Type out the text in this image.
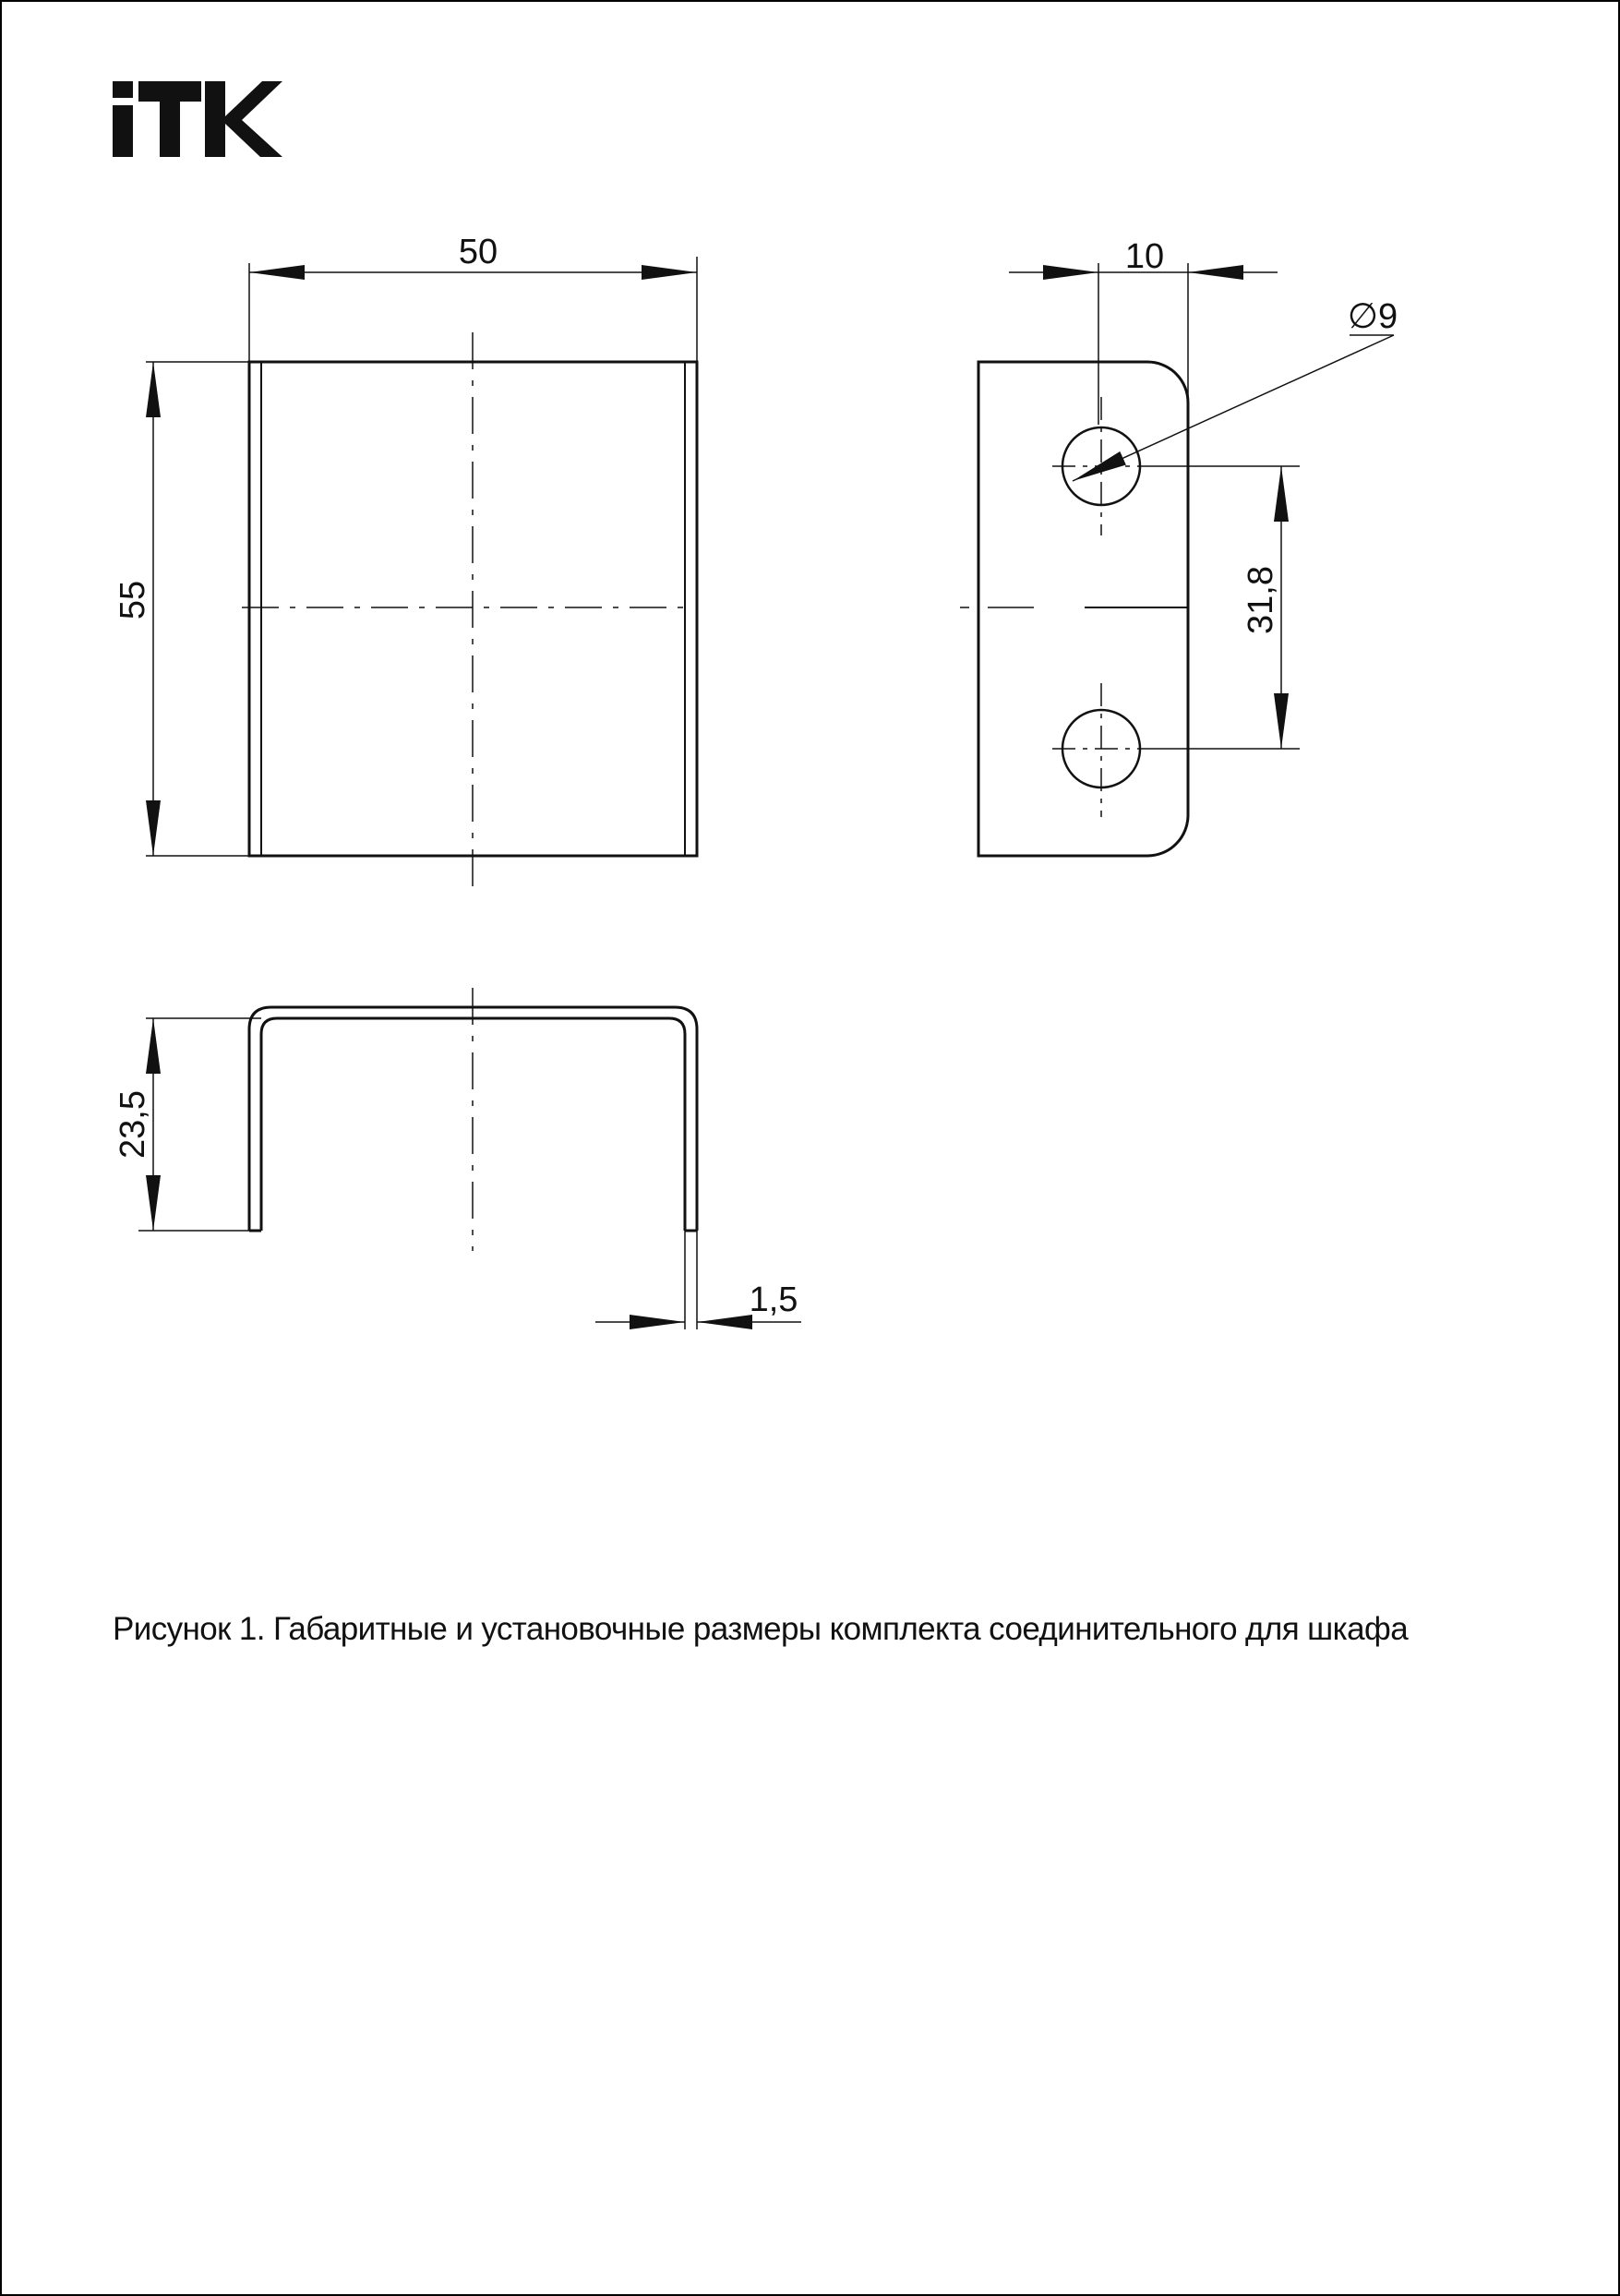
50
55
10
∅9
31,8
23,5
1,5
Рисунок 1. Габаритные и установочные размеры комплекта соединительного для шкафа
